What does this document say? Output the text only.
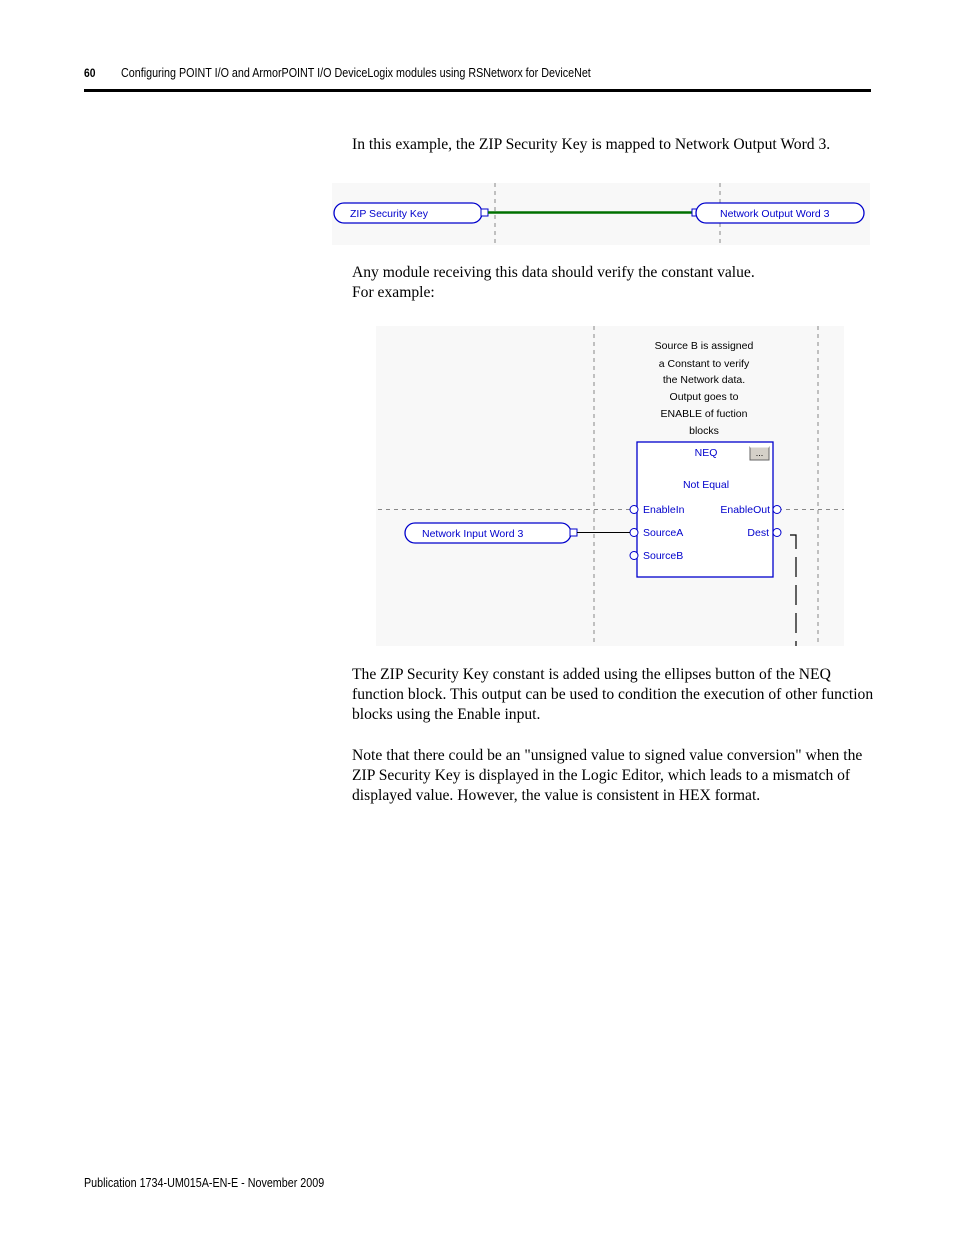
60 Configuring POINT I/O and ArmorPOINT I/O DeviceLogix modules using RSNetworx for DeviceNet
In this example, the ZIP Security Key is mapped to Network Output Word 3.
ZIP Security Key	Network Output Word 3
Any module receiving this data should verify the constant value.
For example:
Source B is assigned
a Constant to verify
the Network data.
Output goes to
ENABLE of fuction
blocks
NEQ
Not Equal
...
EnableIn	EnableOut
SourceA	Dest
SourceB
Network Input Word 3
The ZIP Security Key constant is added using the ellipses button of the NEQ function block. This output can be used to condition the execution of other function blocks using the Enable input.
Note that there could be an "unsigned value to signed value conversion" when the ZIP Security Key is displayed in the Logic Editor, which leads to a mismatch of displayed value. However, the value is consistent in HEX format.
Publication 1734-UM015A-EN-E - November 2009
